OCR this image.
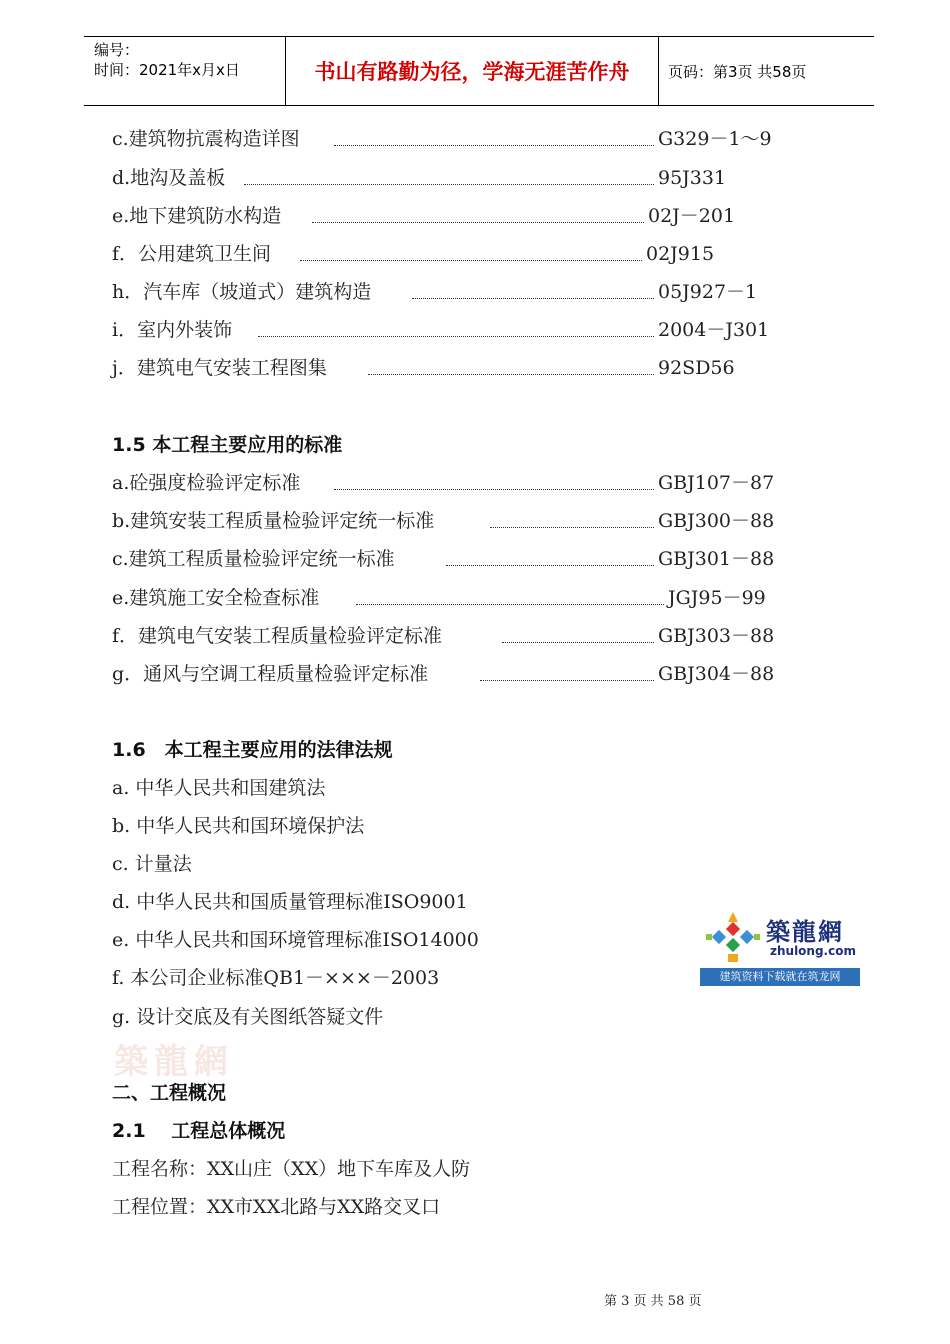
编号：
时间：2021年x月x日	书山有路勤为径，学海无涯苦作舟	页码：第3页 共58页
c.建筑物抗震构造详图	G329－1～9
d.地沟及盖板	95J331
e.地下建筑防水构造	02J－201
f．公用建筑卫生间	02J915
h．汽车库（坡道式）建筑构造	05J927－1
i．室内外装饰	2004－J301
j．建筑电气安装工程图集	92SD56
1.5 本工程主要应用的标准
a.砼强度检验评定标准	GBJ107－87
b.建筑安装工程质量检验评定统一标准	GBJ300－88
c.建筑工程质量检验评定统一标准	GBJ301－88
e.建筑施工安全检查标准	JGJ95－99
f．建筑电气安装工程质量检验评定标准	GBJ303－88
g．通风与空调工程质量检验评定标准	GBJ304－88
1.6　本工程主要应用的法律法规
a. 中华人民共和国建筑法
b. 中华人民共和国环境保护法
c. 计量法
d. 中华人民共和国质量管理标准ISO9001
e. 中华人民共和国环境管理标准ISO14000
f. 本公司企业标准QB1－×××－2003
g. 设计交底及有关图纸答疑文件
築龍網
二、工程概况
2.1　 工程总体概况
工程名称：XX山庄（XX）地下车库及人防
工程位置：XX市XX北路与XX路交叉口
築龍網
zhulong.com
建筑资料下载就在筑龙网
第 3 页 共 58 页
